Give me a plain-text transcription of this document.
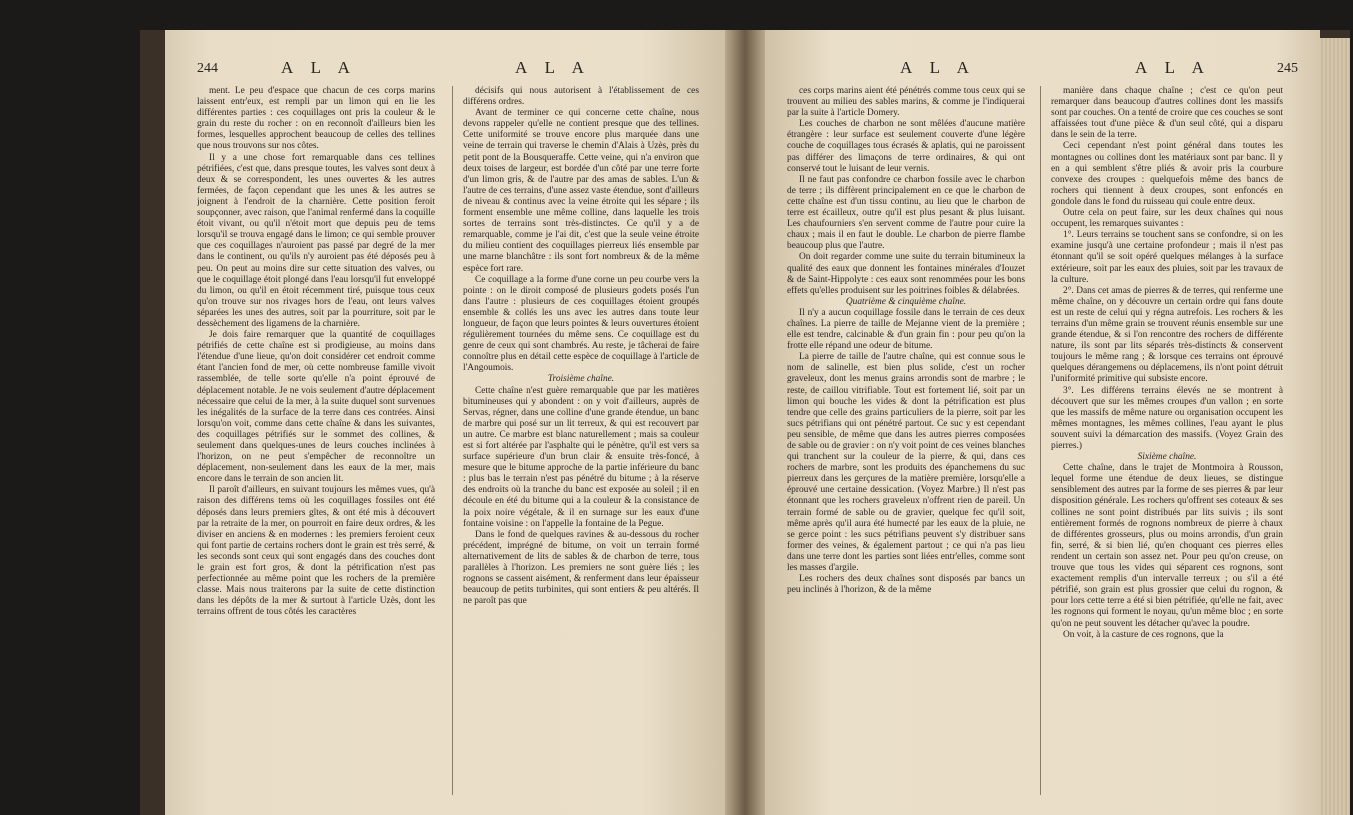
244	A L A	A L A

ment. Le peu d'espace que chacun de ces corps marins laissent entr'eux, est rempli par un limon qui en lie les différentes parties : ces coquillages ont pris la couleur & le grain du reste du rocher : on en reconnoît d'ailleurs bien les formes, lesquelles approchent beaucoup de celles des tellines que nous trouvons sur nos côtes.

Il y a une chose fort remarquable dans ces tellines pétrifiées, c'est que, dans presque toutes, les valves sont deux à deux & se correspondent, les unes ouvertes & les autres fermées, de façon cependant que les unes & les autres se joignent à l'endroit de la charnière. Cette position feroit soupçonner, avec raison, que l'animal renfermé dans la coquille étoit vivant, ou qu'il n'étoit mort que depuis peu de tems lorsqu'il se trouva engagé dans le limon; ce qui semble prouver que ces coquillages n'auroient pas passé par degré de la mer dans le continent, ou qu'ils n'y auroient pas été déposés peu à peu. On peut au moins dire sur cette situation des valves, ou que le coquillage étoit plongé dans l'eau lorsqu'il fut enveloppé du limon, ou qu'il en étoit récemment tiré, puisque tous ceux qu'on trouve sur nos rivages hors de l'eau, ont leurs valves séparées les unes des autres, soit par la pourriture, soit par le dessèchement des ligamens de la charnière.

Je dois faire remarquer que la quantité de coquillages pétrifiés de cette chaîne est si prodigieuse, au moins dans l'étendue d'une lieue, qu'on doit considérer cet endroit comme étant l'ancien fond de mer, où cette nombreuse famille vivoit rassemblée, de telle sorte qu'elle n'a point éprouvé de déplacement notable. Je ne vois seulement d'autre déplacement nécessaire que celui de la mer, à la suite duquel sont survenues les inégalités de la surface de la terre dans ces contrées. Ainsi lorsqu'on voit, comme dans cette chaîne & dans les suivantes, des coquillages pétrifiés sur le sommet des collines, & seulement dans quelques-unes de leurs couches inclinées à l'horizon, on ne peut s'empêcher de reconnoître un déplacement, non-seulement dans les eaux de la mer, mais encore dans le terrain de son ancien lit.

Il paroît d'ailleurs, en suivant toujours les mêmes vues, qu'à raison des différens tems où les coquillages fossiles ont été déposés dans leurs premiers gîtes, & ont été mis à découvert par la retraite de la mer, on pourroit en faire deux ordres, & les diviser en anciens & en modernes : les premiers feroient ceux qui font partie de certains rochers dont le grain est très serré, & les seconds sont ceux qui sont engagés dans des couches dont le grain est fort gros, & dont la pétrification n'est pas perfectionnée au même point que les rochers de la première classe. Mais nous traiterons par la suite de cette distinction dans les dépôts de la mer & surtout à l'article Uzès, dont les terrains offrent de tous côtés les caractères

décisifs qui nous autorisent à l'établissement de ces différens ordres.

Avant de terminer ce qui concerne cette chaîne, nous devons rappeler qu'elle ne contient presque que des tellines. Cette uniformité se trouve encore plus marquée dans une veine de terrain qui traverse le chemin d'Alais à Uzès, près du petit pont de la Bousqueraffe. Cette veine, qui n'a environ que deux toises de largeur, est bordée d'un côté par une terre forte d'un limon gris, & de l'autre par des amas de sables. L'un & l'autre de ces terrains, d'une assez vaste étendue, sont d'ailleurs de niveau & continus avec la veine étroite qui les sépare ; ils forment ensemble une même colline, dans laquelle les trois sortes de terrains sont très-distinctes. Ce qu'il y a de remarquable, comme je l'ai dit, c'est que la seule veine étroite du milieu contient des coquillages pierreux liés ensemble par une marne blanchâtre : ils sont fort nombreux & de la même espèce fort rare.

Ce coquillage a la forme d'une corne un peu courbe vers la pointe : on le diroit composé de plusieurs godets posés l'un dans l'autre : plusieurs de ces coquillages étoient groupés ensemble & collés les uns avec les autres dans toute leur longueur, de façon que leurs pointes & leurs ouvertures étoient régulièrement tournées du même sens. Ce coquillage est du genre de ceux qui sont chambrés. Au reste, je tâcherai de faire connoître plus en détail cette espèce de coquillage à l'article de l'Angoumois.

Troisième chaîne.

Cette chaîne n'est guère remarquable que par les matières bitumineuses qui y abondent : on y voit d'ailleurs, auprès de Servas, régner, dans une colline d'une grande étendue, un banc de marbre qui posé sur un lit terreux, & qui est recouvert par un autre. Ce marbre est blanc naturellement ; mais sa couleur est si fort altérée par l'asphalte qui le pénètre, qu'il est vers sa surface supérieure d'un brun clair & ensuite très-foncé, à mesure que le bitume approche de la partie inférieure du banc : plus bas le terrain n'est pas pénétré du bitume ; à la réserve des endroits où la tranche du banc est exposée au soleil ; il en découle en été du bitume qui a la couleur & la consistance de la poix noire végétale, & il en surnage sur les eaux d'une fontaine voisine : on l'appelle la fontaine de la Pegue.

Dans le fond de quelques ravines & au-dessous du rocher précédent, imprégné de bitume, on voit un terrain formé alternativement de lits de sables & de charbon de terre, tous parallèles à l'horizon. Les premiers ne sont guère liés ; les rognons se cassent aisément, & renferment dans leur épaisseur beaucoup de petits turbinites, qui sont entiers & peu altérés. Il ne paroît pas que

A L A	A L A	245

ces corps marins aient été pénétrés comme tous ceux qui se trouvent au milieu des sables marins, & comme je l'indiquerai par la suite à l'article Domery.

Les couches de charbon ne sont mêlées d'aucune matière étrangère : leur surface est seulement couverte d'une légère couche de coquillages tous écrasés & aplatis, qui ne paroissent pas différer des limaçons de terre ordinaires, & qui ont conservé tout le luisant de leur vernis.

Il ne faut pas confondre ce charbon fossile avec le charbon de terre ; ils diffèrent principalement en ce que le charbon de cette chaîne est d'un tissu continu, au lieu que le charbon de terre est écailleux, outre qu'il est plus pesant & plus luisant. Les chaufourniers s'en servent comme de l'autre pour cuire la chaux ; mais il en faut le double. Le charbon de pierre flambe beaucoup plus que l'autre.

On doit regarder comme une suite du terrain bitumineux la qualité des eaux que donnent les fontaines minérales d'Iouzet & de Saint-Hippolyte : ces eaux sont renommées pour les bons effets qu'elles produisent sur les poitrines foibles & délabrées.

Quatrième & cinquième chaîne.

Il n'y a aucun coquillage fossile dans le terrain de ces deux chaînes. La pierre de taille de Mejanne vient de la première ; elle est tendre, calcinable & d'un grain fin : pour peu qu'on la frotte elle répand une odeur de bitume.

La pierre de taille de l'autre chaîne, qui est connue sous le nom de salinelle, est bien plus solide, c'est un rocher graveleux, dont les menus grains arrondis sont de marbre ; le reste, de caillou vitrifiable. Tout est fortement lié, soit par un limon qui bouche les vides & dont la pétrification est plus tendre que celle des grains particuliers de la pierre, soit par les sucs pétrifians qui ont pénétré partout. Ce suc y est cependant peu sensible, de même que dans les autres pierres composées de sable ou de gravier : on n'y voit point de ces veines blanches qui tranchent sur la couleur de la pierre, & qui, dans ces rochers de marbre, sont les produits des épanchemens du suc pierreux dans les gerçures de la matière première, lorsqu'elle a éprouvé une certaine dessication. (Voyez Marbre.) Il n'est pas étonnant que les rochers graveleux n'offrent rien de pareil. Un terrain formé de sable ou de gravier, quelque fec qu'il soit, même après qu'il aura été humecté par les eaux de la pluie, ne se gerce point : les sucs pétrifians peuvent s'y distribuer sans former des veines, & également partout ; ce qui n'a pas lieu dans une terre dont les parties sont liées entr'elles, comme sont les masses d'argile.

Les rochers des deux chaînes sont disposés par bancs un peu inclinés à l'horizon, & de la même

manière dans chaque chaîne ; c'est ce qu'on peut remarquer dans beaucoup d'autres collines dont les massifs sont par couches. On a tenté de croire que ces couches se sont affaissées tout d'une pièce & d'un seul côté, qui a disparu dans le sein de la terre.

Ceci cependant n'est point général dans toutes les montagnes ou collines dont les matériaux sont par banc. Il y en a qui semblent s'être pliés & avoir pris la courbure convexe des croupes : quelquefois même des bancs de rochers qui tiennent à deux croupes, sont enfoncés en gondole dans le fond du ruisseau qui coule entre deux.

Outre cela on peut faire, sur les deux chaînes qui nous occupent, les remarques suivantes :

1°. Leurs terrains se touchent sans se confondre, si on les examine jusqu'à une certaine profondeur ; mais il n'est pas étonnant qu'il se soit opéré quelques mélanges à la surface extérieure, soit par les eaux des pluies, soit par les travaux de la culture.

2°. Dans cet amas de pierres & de terres, qui renferme une même chaîne, on y découvre un certain ordre qui fans doute est un reste de celui qui y régna autrefois. Les rochers & les terrains d'un même grain se trouvent réunis ensemble sur une grande étendue, & si l'on rencontre des rochers de différente nature, ils sont par lits séparés très-distincts & conservent toujours le même rang ; & lorsque ces terrains ont éprouvé quelques dérangemens ou déplacemens, ils n'ont point détruit l'uniformité primitive qui subsiste encore.

3°. Les différens terrains élevés ne se montrent à découvert que sur les mêmes croupes d'un vallon ; en sorte que les massifs de même nature ou organisation occupent les mêmes montagnes, les mêmes collines, l'eau ayant le plus souvent suivi la démarcation des massifs. (Voyez Grain des pierres.)

Sixième chaîne.

Cette chaîne, dans le trajet de Montmoira à Rousson, lequel forme une étendue de deux lieues, se distingue sensiblement des autres par la forme de ses pierres & par leur disposition générale. Les rochers qu'offrent ses coteaux & ses collines ne sont point distribués par lits suivis ; ils sont entièrement formés de rognons nombreux de pierre à chaux de différentes grosseurs, plus ou moins arrondis, d'un grain fin, serré, & si bien lié, qu'en choquant ces pierres elles rendent un certain son assez net. Pour peu qu'on creuse, on trouve que tous les vides qui séparent ces rognons, sont exactement remplis d'un intervalle terreux ; ou s'il a été pétrifié, son grain est plus grossier que celui du rognon, & pour lors cette terre a été si bien pétrifiée, qu'elle ne fait, avec les rognons qui forment le noyau, qu'un même bloc ; en sorte qu'on ne peut souvent les détacher qu'avec la poudre.

On voit, à la casture de ces rognons, que la
